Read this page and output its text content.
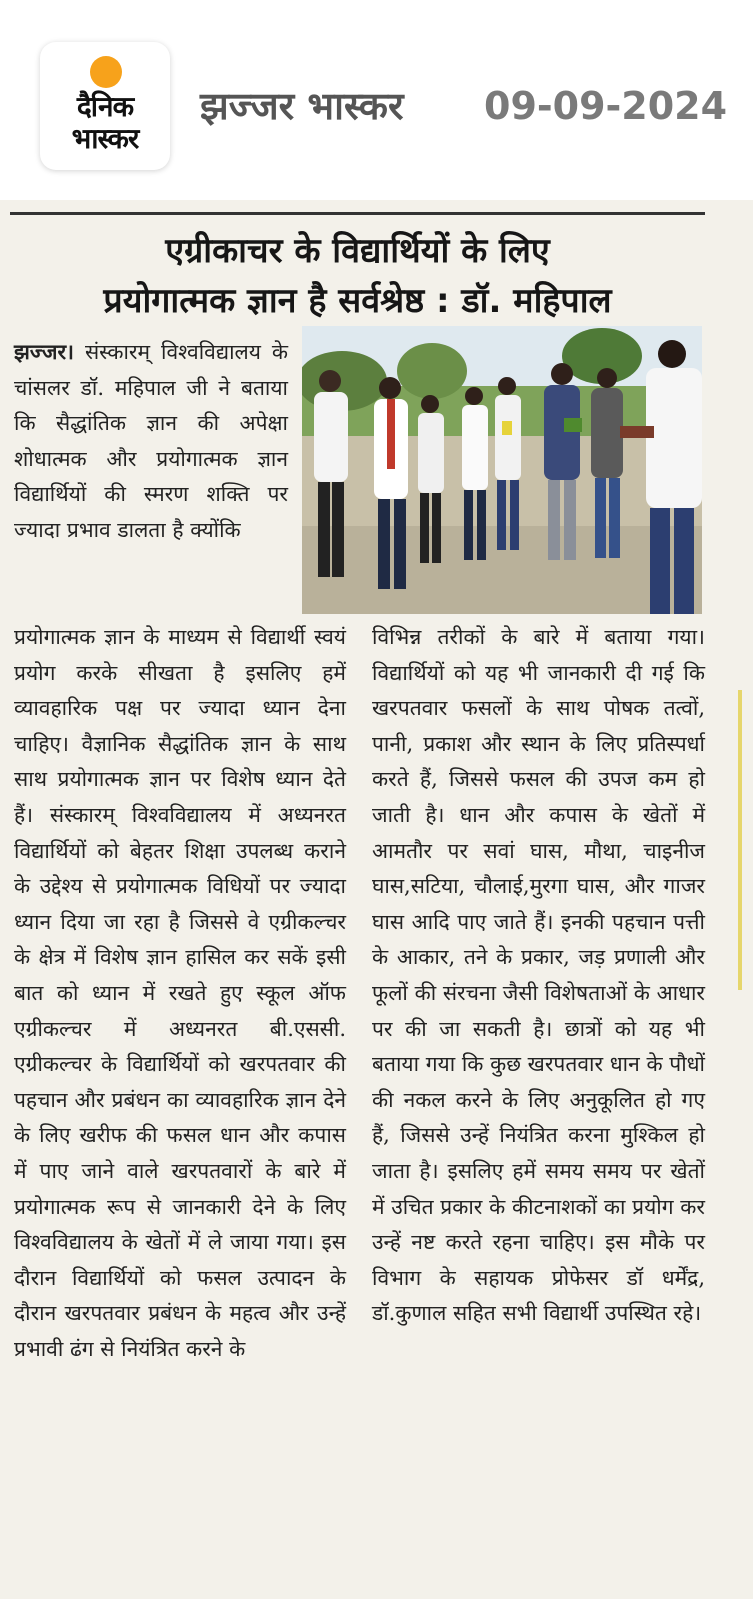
दैनिक
भास्कर
झज्जर भास्कर 09-09-2024
एग्रीकाचर के विद्यार्थियों के लिए
प्रयोगात्मक ज्ञान है सर्वश्रेष्ठ : डॉ. महिपाल
झज्जर। संस्कारम् विश्वविद्यालय के चांसलर डॉ. महिपाल जी ने बताया कि सैद्धांतिक ज्ञान की अपेक्षा शोधात्मक और प्रयोगात्मक ज्ञान विद्यार्थियों की स्मरण शक्ति पर ज्यादा प्रभाव डालता है क्योंकि
प्रयोगात्मक ज्ञान के माध्यम से विद्यार्थी स्वयं प्रयोग करके सीखता है इसलिए हमें व्यावहारिक पक्ष पर ज्यादा ध्यान देना चाहिए। वैज्ञानिक सैद्धांतिक ज्ञान के साथ साथ प्रयोगात्मक ज्ञान पर विशेष ध्यान देते हैं। संस्कारम् विश्वविद्यालय में अध्यनरत विद्यार्थियों को बेहतर शिक्षा उपलब्ध कराने के उद्देश्य से प्रयोगात्मक विधियों पर ज्यादा ध्यान दिया जा रहा है जिससे वे एग्रीकल्चर के क्षेत्र में विशेष ज्ञान हासिल कर सकें इसी बात को ध्यान में रखते हुए स्कूल ऑफ एग्रीकल्चर में अध्यनरत बी.एससी. एग्रीकल्चर के विद्यार्थियों को खरपतवार की पहचान और प्रबंधन का व्यावहारिक ज्ञान देने के लिए खरीफ की फसल धान और कपास में पाए जाने वाले खरपतवारों के बारे में प्रयोगात्मक रूप से जानकारी देने के लिए विश्वविद्यालय के खेतों में ले जाया गया। इस दौरान विद्यार्थियों को फसल उत्पादन के दौरान खरपतवार प्रबंधन के महत्व और उन्हें प्रभावी ढंग से नियंत्रित करने के
विभिन्न तरीकों के बारे में बताया गया। विद्यार्थियों को यह भी जानकारी दी गई कि खरपतवार फसलों के साथ पोषक तत्वों, पानी, प्रकाश और स्थान के लिए प्रतिस्पर्धा करते हैं, जिससे फसल की उपज कम हो जाती है। धान और कपास के खेतों में आमतौर पर सवां घास, मौथा, चाइनीज घास,सटिया, चौलाई,मुरगा घास, और गाजर घास आदि पाए जाते हैं। इनकी पहचान पत्ती के आकार, तने के प्रकार, जड़ प्रणाली और फूलों की संरचना जैसी विशेषताओं के आधार पर की जा सकती है। छात्रों को यह भी बताया गया कि कुछ खरपतवार धान के पौधों की नकल करने के लिए अनुकूलित हो गए हैं, जिससे उन्हें नियंत्रित करना मुश्किल हो जाता है। इसलिए हमें समय समय पर खेतों में उचित प्रकार के कीटनाशकों का प्रयोग कर उन्हें नष्ट करते रहना चाहिए। इस मौके पर विभाग के सहायक प्रोफेसर डॉ धर्मेंद्र, डॉ.कुणाल सहित सभी विद्यार्थी उपस्थित रहे।
